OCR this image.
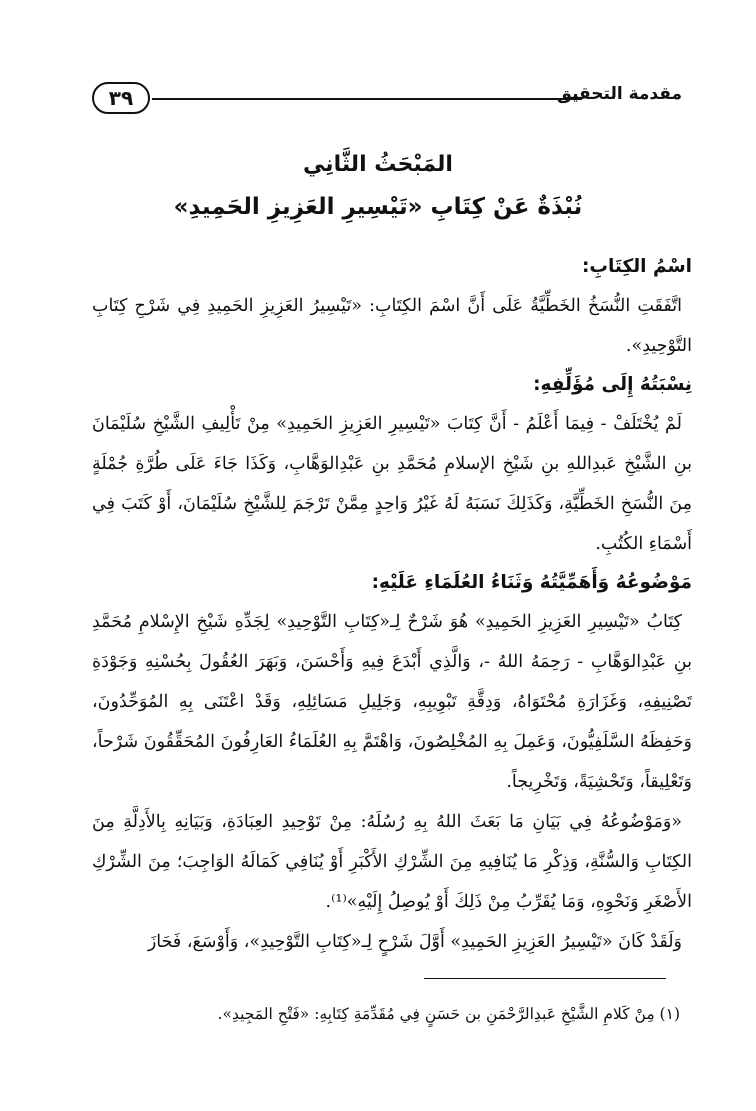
٣٩	مقدمة التحقيق
المَبْحَثُ الثَّانِي
نُبْذَةٌ عَنْ كِتَابِ «تَيْسِيرِ العَزِيزِ الحَمِيدِ»

اسْمُ الكِتَابِ:

اتَّفَقَتِ النُّسَخُ الخَطِّيَّةُ عَلَى أَنَّ اسْمَ الكِتَابِ: «تَيْسِيرُ العَزِيزِ الحَمِيدِ فِي شَرْحِ كِتَابِ التَّوْحِيدِ».

نِسْبَتُهُ إِلَى مُؤَلِّفِهِ:

لَمْ يُخْتَلَفْ - فِيمَا أَعْلَمُ - أَنَّ كِتَابَ «تَيْسِيرِ العَزِيزِ الحَمِيدِ» مِنْ تَأْلِيفِ الشَّيْخِ سُلَيْمَانَ بنِ الشَّيْخِ عَبدِاللهِ بنِ شَيْخِ الإسلامِ مُحَمَّدِ بنِ عَبْدِالوَهَّابِ، وَكَذَا جَاءَ عَلَى طُرَّةِ جُمْلَةٍ مِنَ النُّسَخِ الخَطِّيَّةِ، وَكَذَلِكَ نَسَبَهُ لَهُ غَيْرُ وَاحِدٍ مِمَّنْ تَرْجَمَ لِلشَّيْخِ سُلَيْمَانَ، أَوْ كَتَبَ فِي أَسْمَاءِ الكُتُبِ.

مَوْضُوعُهُ وَأَهَمِّيَّتُهُ وَثَنَاءُ العُلَمَاءِ عَلَيْهِ:

كِتَابُ «تَيْسِيرِ العَزِيزِ الحَمِيدِ» هُوَ شَرْحٌ لِـ«كِتَابِ التَّوْحِيدِ» لِجَدِّهِ شَيْخِ الإِسْلامِ مُحَمَّدِ بنِ عَبْدِالوَهَّابِ - رَحِمَهُ اللهُ -، وَالَّذِي أَبْدَعَ فِيهِ وَأَحْسَنَ، وَبَهَرَ العُقُولَ بِحُسْنِهِ وَجَوْدَةِ تَصْنِيفِهِ، وَغَزَارَةِ مُحْتَوَاهُ، وَدِقَّةِ تَبْوِيبِهِ، وَجَلِيلِ مَسَائِلِهِ، وَقَدْ اعْتَنَى بِهِ المُوَحِّدُونَ، وَحَفِظَهُ السَّلَفِيُّونَ، وَعَمِلَ بِهِ المُخْلِصُونَ، وَاهْتَمَّ بِهِ العُلَمَاءُ العَارِفُونَ المُحَقِّقُونَ شَرْحاً، وَتَعْلِيقاً، وَتَحْشِيَةً، وَتَخْرِيجاً.

«وَمَوْضُوعُهُ فِي بَيَانِ مَا بَعَثَ اللهُ بِهِ رُسُلَهُ: مِنْ تَوْحِيدِ العِبَادَةِ، وَبَيَانِهِ بِالأَدِلَّةِ مِنَ الكِتَابِ وَالسُّنَّةِ، وَذِكْرِ مَا يُنَافِيهِ مِنَ الشِّرْكِ الأَكْبَرِ أَوْ يُنَافِي كَمَالَهُ الوَاجِبَ؛ مِنَ الشِّرْكِ الأَصْغَرِ وَنَحْوِهِ، وَمَا يُقَرِّبُ مِنْ ذَلِكَ أَوْ يُوصِلُ إِلَيْهِ»⁽¹⁾.

وَلَقَدْ كَانَ «تَيْسِيرُ العَزِيزِ الحَمِيدِ» أَوَّلَ شَرْحٍ لِـ«كِتَابِ التَّوْحِيدِ»، وَأَوْسَعَ، فَحَازَ

(١) مِنْ كَلامِ الشَّيْخِ عَبدِالرَّحْمَنِ بن حَسَنٍ فِي مُقَدِّمَةِ كِتَابِهِ: «فَتْحِ المَجِيدِ».
